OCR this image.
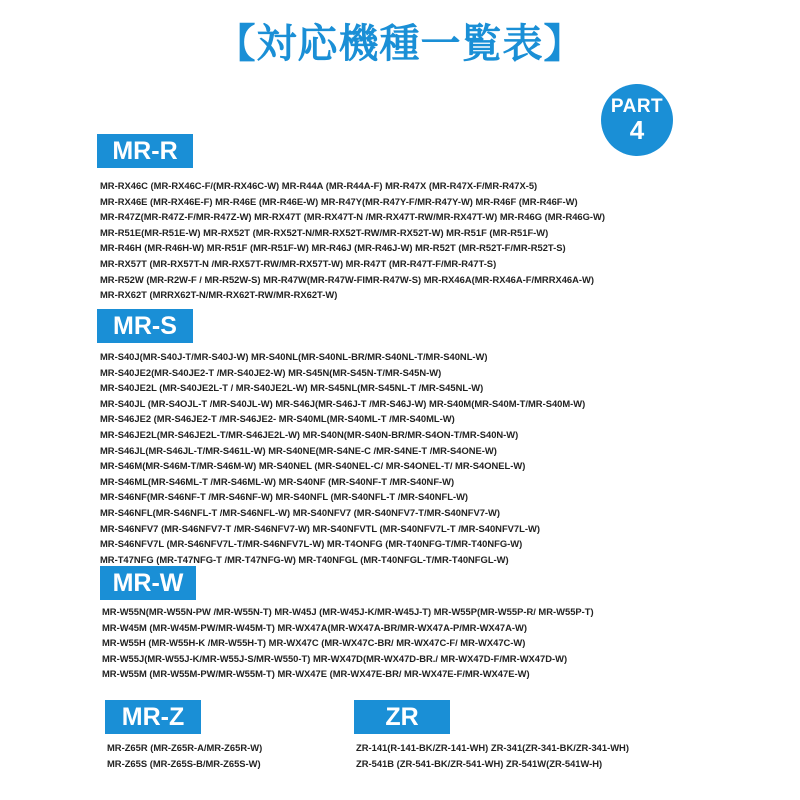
【対応機種一覧表】
PART
4
MR-R
MR-RX46C (MR-RX46C-F/(MR-RX46C-W) MR-R44A (MR-R44A-F) MR-R47X (MR-R47X-F/MR-R47X-5)
MR-RX46E (MR-RX46E-F) MR-R46E (MR-R46E-W) MR-R47Y(MR-R47Y-F/MR-R47Y-W) MR-R46F (MR-R46F-W)
MR-R47Z(MR-R47Z-F/MR-R47Z-W) MR-RX47T (MR-RX47T-N /MR-RX47T-RW/MR-RX47T-W) MR-R46G (MR-R46G-W)
MR-R51E(MR-R51E-W) MR-RX52T (MR-RX52T-N/MR-RX52T-RW/MR-RX52T-W) MR-R51F (MR-R51F-W)
MR-R46H (MR-R46H-W) MR-R51F (MR-R51F-W) MR-R46J (MR-R46J-W) MR-R52T (MR-R52T-F/MR-R52T-S)
MR-RX57T (MR-RX57T-N /MR-RX57T-RW/MR-RX57T-W) MR-R47T (MR-R47T-F/MR-R47T-S)
MR-R52W (MR-R2W-F / MR-R52W-S) MR-R47W(MR-R47W-FIMR-R47W-S) MR-RX46A(MR-RX46A-F/MRRX46A-W)
MR-RX62T (MRRX62T-N/MR-RX62T-RW/MR-RX62T-W)
MR-S
MR-S40J(MR-S40J-T/MR-S40J-W) MR-S40NL(MR-S40NL-BR/MR-S40NL-T/MR-S40NL-W)
MR-S40JE2(MR-S40JE2-T /MR-S40JE2-W) MR-S45N(MR-S45N-T/MR-S45N-W)
MR-S40JE2L (MR-S40JE2L-T / MR-S40JE2L-W) MR-S45NL(MR-S45NL-T /MR-S45NL-W)
MR-S40JL (MR-S4OJL-T /MR-S40JL-W) MR-S46J(MR-S46J-T /MR-S46J-W) MR-S40M(MR-S40M-T/MR-S40M-W)
MR-S46JE2 (MR-S46JE2-T /MR-S46JE2- MR-S40ML(MR-S40ML-T /MR-S40ML-W)
MR-S46JE2L(MR-S46JE2L-T/MR-S46JE2L-W) MR-S40N(MR-S40N-BR/MR-S4ON-T/MR-S40N-W)
MR-S46JL(MR-S46JL-T/MR-S461L-W) MR-S40NE(MR-S4NE-C /MR-S4NE-T /MR-S4ONE-W)
MR-S46M(MR-S46M-T/MR-S46M-W) MR-S40NEL (MR-S40NEL-C/ MR-S4ONEL-T/ MR-S4ONEL-W)
MR-S46ML(MR-S46ML-T /MR-S46ML-W) MR-S40NF (MR-S40NF-T /MR-S40NF-W)
MR-S46NF(MR-S46NF-T /MR-S46NF-W) MR-S40NFL (MR-S40NFL-T /MR-S40NFL-W)
MR-S46NFL(MR-S46NFL-T /MR-S46NFL-W) MR-S40NFV7 (MR-S40NFV7-T/MR-S40NFV7-W)
MR-S46NFV7 (MR-S46NFV7-T /MR-S46NFV7-W) MR-S40NFVTL (MR-S40NFV7L-T /MR-S40NFV7L-W)
MR-S46NFV7L (MR-S46NFV7L-T/MR-S46NFV7L-W) MR-T4ONFG (MR-T40NFG-T/MR-T40NFG-W)
MR-T47NFG (MR-T47NFG-T /MR-T47NFG-W) MR-T40NFGL (MR-T40NFGL-T/MR-T40NFGL-W)
MR-W
MR-W55N(MR-W55N-PW /MR-W55N-T) MR-W45J (MR-W45J-K/MR-W45J-T) MR-W55P(MR-W55P-R/ MR-W55P-T)
MR-W45M (MR-W45M-PW/MR-W45M-T) MR-WX47A(MR-WX47A-BR/MR-WX47A-P/MR-WX47A-W)
MR-W55H (MR-W55H-K /MR-W55H-T) MR-WX47C (MR-WX47C-BR/ MR-WX47C-F/ MR-WX47C-W)
MR-W55J(MR-W55J-K/MR-W55J-S/MR-W550-T) MR-WX47D(MR-WX47D-BR./ MR-WX47D-F/MR-WX47D-W)
MR-W55M (MR-W55M-PW/MR-W55M-T) MR-WX47E (MR-WX47E-BR/ MR-WX47E-F/MR-WX47E-W)
MR-Z
MR-Z65R (MR-Z65R-A/MR-Z65R-W)
MR-Z65S (MR-Z65S-B/MR-Z65S-W)
ZR
ZR-141(R-141-BK/ZR-141-WH) ZR-341(ZR-341-BK/ZR-341-WH)
ZR-541B (ZR-541-BK/ZR-541-WH) ZR-541W(ZR-541W-H)
